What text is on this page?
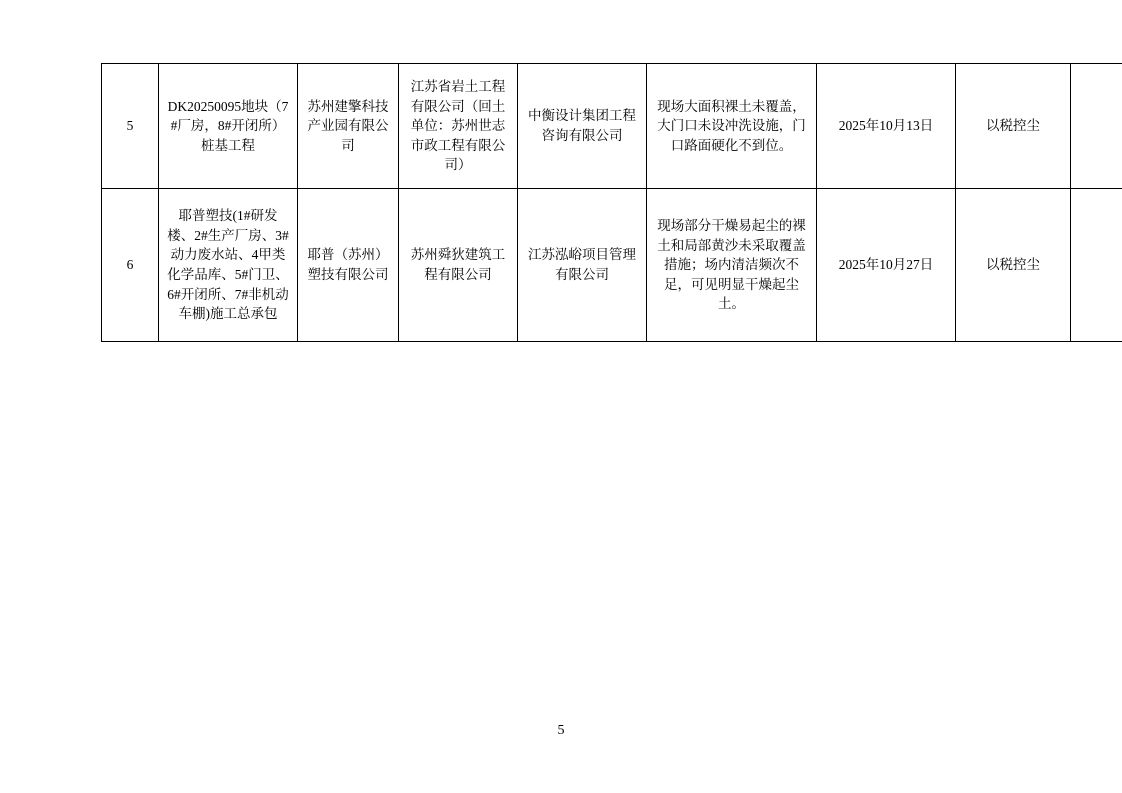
5	DK20250095地块（7#厂房，8#开闭所）桩基工程	苏州建擎科技产业园有限公司	江苏省岩土工程有限公司（回土单位：苏州世志市政工程有限公司）	中衡设计集团工程咨询有限公司	现场大面积裸土未覆盖，大门口未设冲洗设施，门口路面硬化不到位。	2025年10月13日	以税控尘	

6	耶普塑技(1#研发楼、2#生产厂房、3#动力废水站、4甲类化学品库、5#门卫、6#开闭所、7#非机动车棚)施工总承包	耶普（苏州）塑技有限公司	苏州舜狄建筑工程有限公司	江苏泓峪项目管理有限公司	现场部分干燥易起尘的裸土和局部黄沙未采取覆盖措施；场内清洁频次不足，可见明显干燥起尘土。	2025年10月27日	以税控尘	

5
